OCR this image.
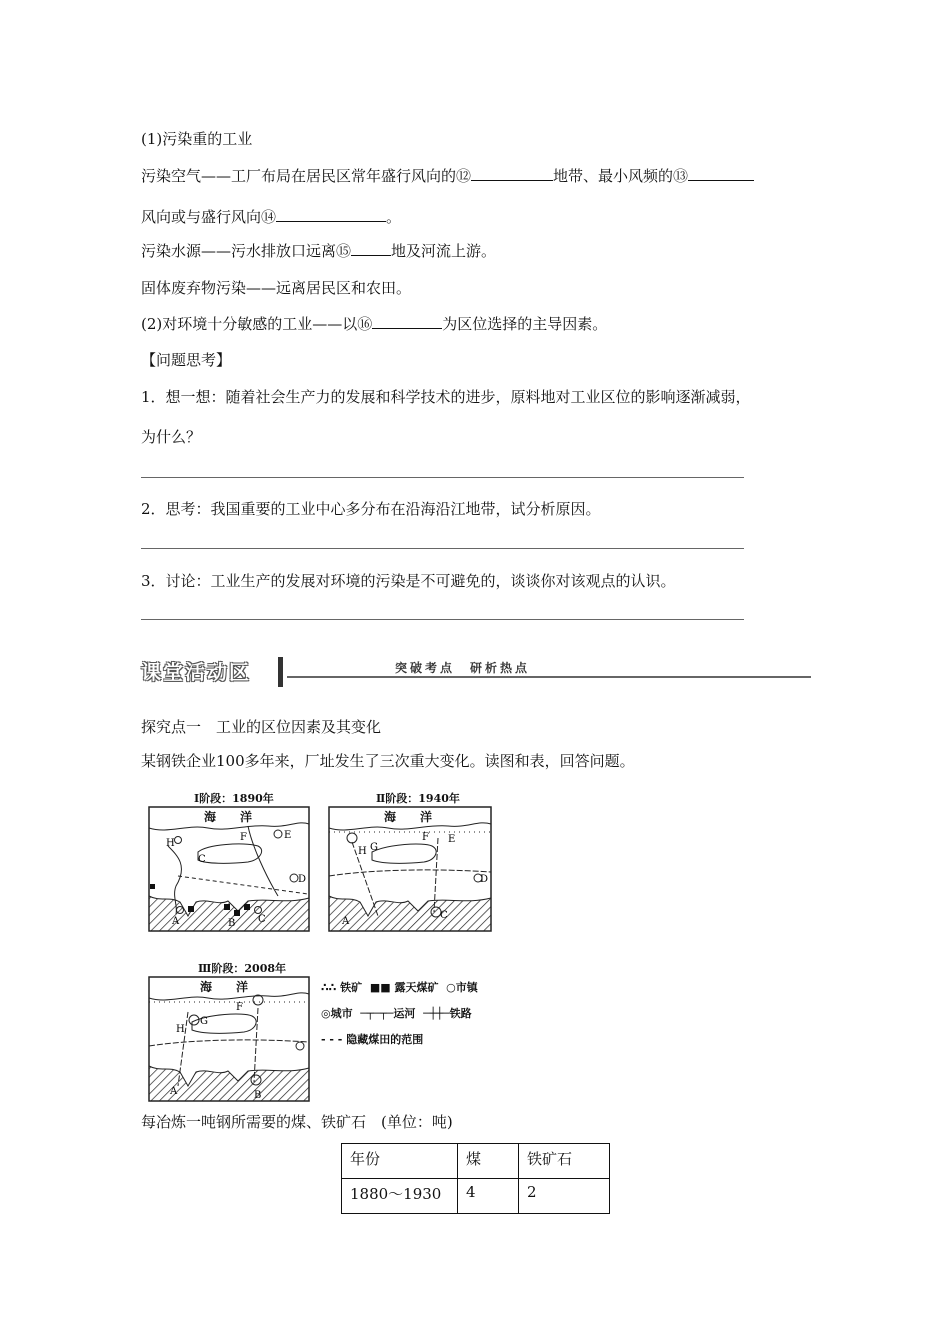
(1)污染重的工业
污染空气——工厂布局在居民区常年盛行风向的⑫	地带、最小风频的⑬
风向或与盛行风向⑭	。
污染水源——污水排放口远离⑮	地及河流上游。
固体废弃物污染——远离居民区和农田。
(2)对环境十分敏感的工业——以⑯	为区位选择的主导因素。
【问题思考】
1．想一想：随着社会生产力的发展和科学技术的进步，原料地对工业区位的影响逐渐减弱，
为什么？
2．思考：我国重要的工业中心多分布在沿海沿江地带，试分析原因。
3．讨论：工业生产的发展对环境的污染是不可避免的，谈谈你对该观点的认识。
课堂活动区	突破考点　研析热点
探究点一　工业的区位因素及其变化
某钢铁企业100多年来，厂址发生了三次重大变化。读图和表，回答问题。
Ⅰ阶段：1890年
H
C
F	E
D
A	B C
海　　洋
Ⅱ阶段：1940年
H G
F E
D
A
C
海　　洋
Ⅲ阶段：2008年
H
G
F
A	B
海　　洋	∴∴ 铁矿 ■■ 露天煤矿 ○市镇
◎城市 ─┬─┬─运河 ─┼┼─铁路
- - - 隐藏煤田的范围
每冶炼一吨钢所需要的煤、铁矿石　(单位：吨)
年份	煤	铁矿石
1880～1930	4	2
